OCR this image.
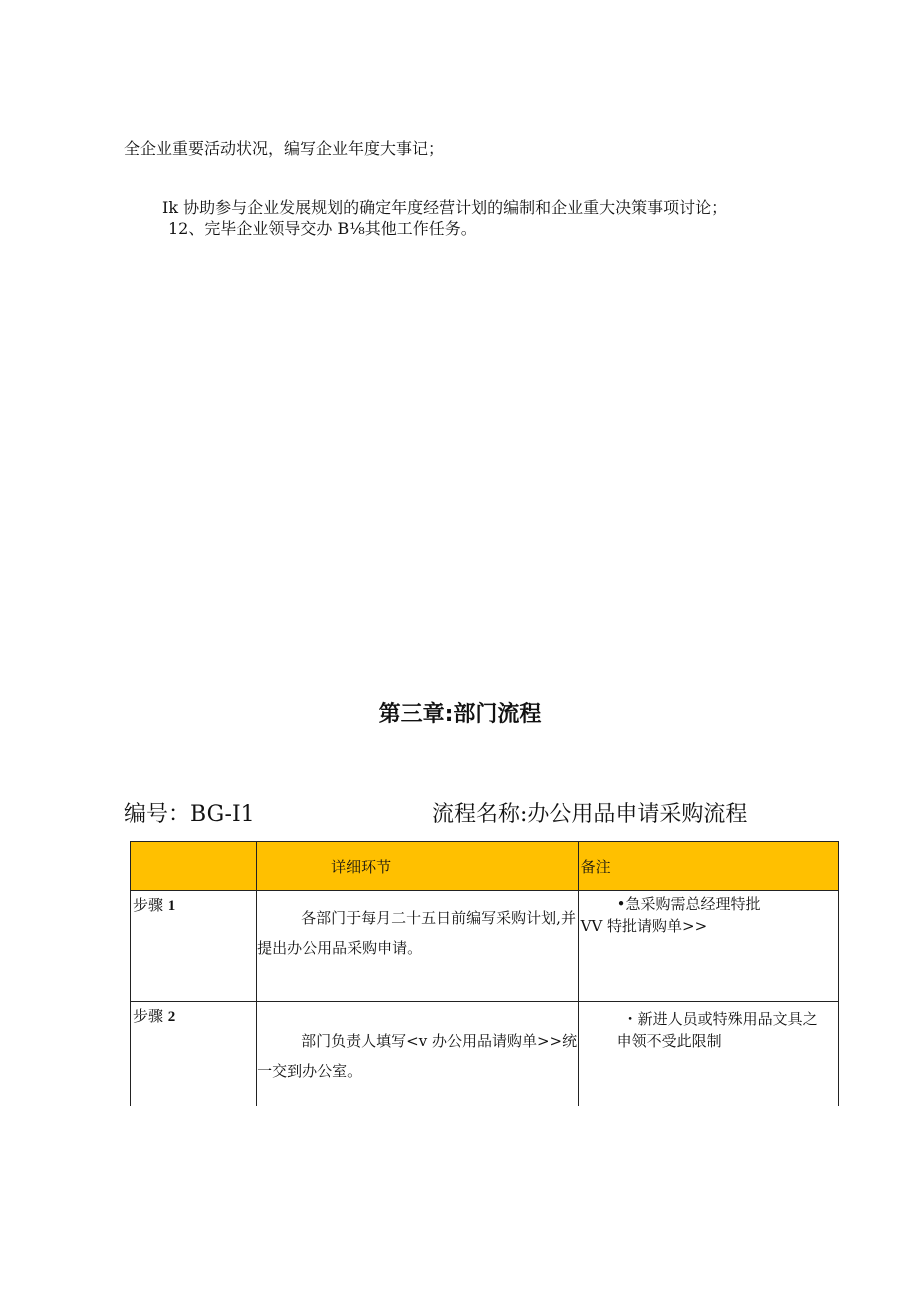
全企业重要活动状况，编写企业年度大事记；
Ik 协助参与企业发展规划的确定年度经营计划的编制和企业重大决策事项讨论；
12、完毕企业领导交办 B⅛其他工作任务。
第三章:部门流程
编号：BG-I1	流程名称:办公用品申请采购流程
	详细环节	备注

步骤 1	各部门于每月二十五日前编写采购计划,并提出办公用品采购申请。	•急采购需总经理特批
VV 特批请购单>>

步骤 2	部门负责人填写<v 办公用品请购单>>统一交到办公室。	・新进人员或特殊用品文具之
申领不受此限制
